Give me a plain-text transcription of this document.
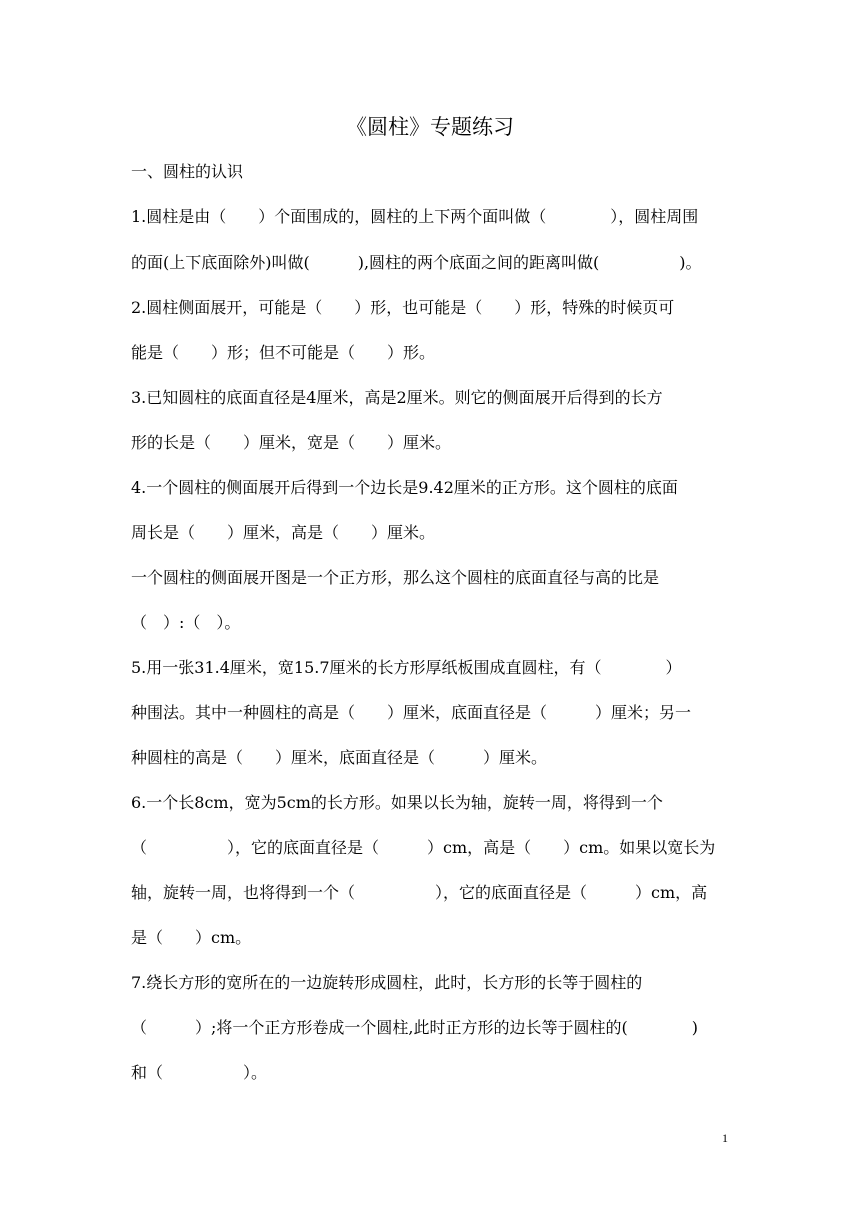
《圆柱》专题练习
一、圆柱的认识
1.圆柱是由（　　）个面围成的，圆柱的上下两个面叫做（　　　　），圆柱周围
的面(上下底面除外)叫做(　　　),圆柱的两个底面之间的距离叫做(　　　　　)。
2.圆柱侧面展开，可能是（　　）形，也可能是（　　）形，特殊的时候页可
能是（　　）形；但不可能是（　　）形。
3.已知圆柱的底面直径是4厘米，高是2厘米。则它的侧面展开后得到的长方
形的长是（　　）厘米，宽是（　　）厘米。
4.一个圆柱的侧面展开后得到一个边长是9.42厘米的正方形。这个圆柱的底面
周长是（　　）厘米，高是（　　）厘米。
一个圆柱的侧面展开图是一个正方形，那么这个圆柱的底面直径与高的比是
（　）:（　）。
5.用一张31.4厘米，宽15.7厘米的长方形厚纸板围成直圆柱，有（　　　　）
种围法。其中一种圆柱的高是（　　）厘米，底面直径是（　　　）厘米；另一
种圆柱的高是（　　）厘米，底面直径是（　　　）厘米。
6.一个长8cm，宽为5cm的长方形。如果以长为轴，旋转一周，将得到一个
（　　　　　），它的底面直径是（　　　）cm，高是（　　）cm。如果以宽长为
轴，旋转一周，也将得到一个（　　　　　），它的底面直径是（　　　）cm，高
是（　　）cm。
7.绕长方形的宽所在的一边旋转形成圆柱，此时，长方形的长等于圆柱的
（　　　）;将一个正方形卷成一个圆柱,此时正方形的边长等于圆柱的(　　　　)
和（　　　　　）。
1
